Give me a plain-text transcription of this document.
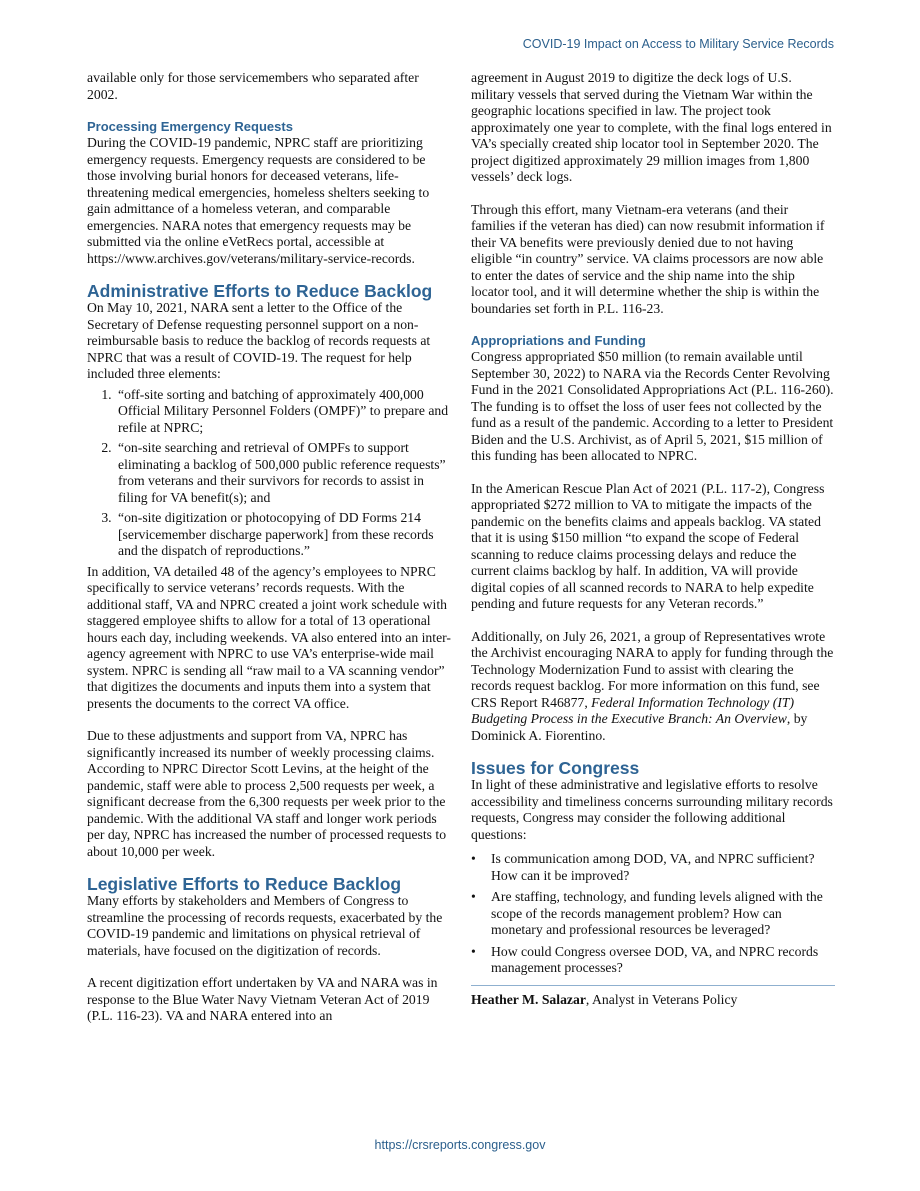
COVID-19 Impact on Access to Military Service Records

available only for those servicemembers who separated after 2002.

Processing Emergency Requests

During the COVID-19 pandemic, NPRC staff are prioritizing emergency requests. Emergency requests are considered to be those involving burial honors for deceased veterans, life-threatening medical emergencies, homeless shelters seeking to gain admittance of a homeless veteran, and comparable emergencies. NARA notes that emergency requests may be submitted via the online eVetRecs portal, accessible at https://www.archives.gov/veterans/military-service-records.

Administrative Efforts to Reduce Backlog

On May 10, 2021, NARA sent a letter to the Office of the Secretary of Defense requesting personnel support on a non-reimbursable basis to reduce the backlog of records requests at NPRC that was a result of COVID-19. The request for help included three elements:

1. “off-site sorting and batching of approximately 400,000 Official Military Personnel Folders (OMPF)” to prepare and refile at NPRC;
2. “on-site searching and retrieval of OMPFs to support eliminating a backlog of 500,000 public reference requests” from veterans and their survivors for records to assist in filing for VA benefit(s); and
3. “on-site digitization or photocopying of DD Forms 214 [servicemember discharge paperwork] from these records and the dispatch of reproductions.”

In addition, VA detailed 48 of the agency’s employees to NPRC specifically to service veterans’ records requests. With the additional staff, VA and NPRC created a joint work schedule with staggered employee shifts to allow for a total of 13 operational hours each day, including weekends. VA also entered into an inter-agency agreement with NPRC to use VA’s enterprise-wide mail system. NPRC is sending all “raw mail to a VA scanning vendor” that digitizes the documents and inputs them into a system that presents the documents to the correct VA office.

Due to these adjustments and support from VA, NPRC has significantly increased its number of weekly processing claims. According to NPRC Director Scott Levins, at the height of the pandemic, staff were able to process 2,500 requests per week, a significant decrease from the 6,300 requests per week prior to the pandemic. With the additional VA staff and longer work periods per day, NPRC has increased the number of processed requests to about 10,000 per week.

Legislative Efforts to Reduce Backlog

Many efforts by stakeholders and Members of Congress to streamline the processing of records requests, exacerbated by the COVID-19 pandemic and limitations on physical retrieval of materials, have focused on the digitization of records.

A recent digitization effort undertaken by VA and NARA was in response to the Blue Water Navy Vietnam Veteran Act of 2019 (P.L. 116-23). VA and NARA entered into an

agreement in August 2019 to digitize the deck logs of U.S. military vessels that served during the Vietnam War within the geographic locations specified in law. The project took approximately one year to complete, with the final logs entered in VA’s specially created ship locator tool in September 2020. The project digitized approximately 29 million images from 1,800 vessels’ deck logs.

Through this effort, many Vietnam-era veterans (and their families if the veteran has died) can now resubmit information if their VA benefits were previously denied due to not having eligible “in country” service. VA claims processors are now able to enter the dates of service and the ship name into the ship locator tool, and it will determine whether the ship is within the boundaries set forth in P.L. 116-23.

Appropriations and Funding

Congress appropriated $50 million (to remain available until September 30, 2022) to NARA via the Records Center Revolving Fund in the 2021 Consolidated Appropriations Act (P.L. 116-260). The funding is to offset the loss of user fees not collected by the fund as a result of the pandemic. According to a letter to President Biden and the U.S. Archivist, as of April 5, 2021, $15 million of this funding has been allocated to NPRC.

In the American Rescue Plan Act of 2021 (P.L. 117-2), Congress appropriated $272 million to VA to mitigate the impacts of the pandemic on the benefits claims and appeals backlog. VA stated that it is using $150 million “to expand the scope of Federal scanning to reduce claims processing delays and reduce the current claims backlog by half. In addition, VA will provide digital copies of all scanned records to NARA to help expedite pending and future requests for any Veteran records.”

Additionally, on July 26, 2021, a group of Representatives wrote the Archivist encouraging NARA to apply for funding through the Technology Modernization Fund to assist with clearing the records request backlog. For more information on this fund, see CRS Report R46877, Federal Information Technology (IT) Budgeting Process in the Executive Branch: An Overview, by Dominick A. Fiorentino.

Issues for Congress

In light of these administrative and legislative efforts to resolve accessibility and timeliness concerns surrounding military records requests, Congress may consider the following additional questions:

• Is communication among DOD, VA, and NPRC sufficient? How can it be improved?
• Are staffing, technology, and funding levels aligned with the scope of the records management problem? How can monetary and professional resources be leveraged?
• How could Congress oversee DOD, VA, and NPRC records management processes?

Heather M. Salazar, Analyst in Veterans Policy

https://crsreports.congress.gov
